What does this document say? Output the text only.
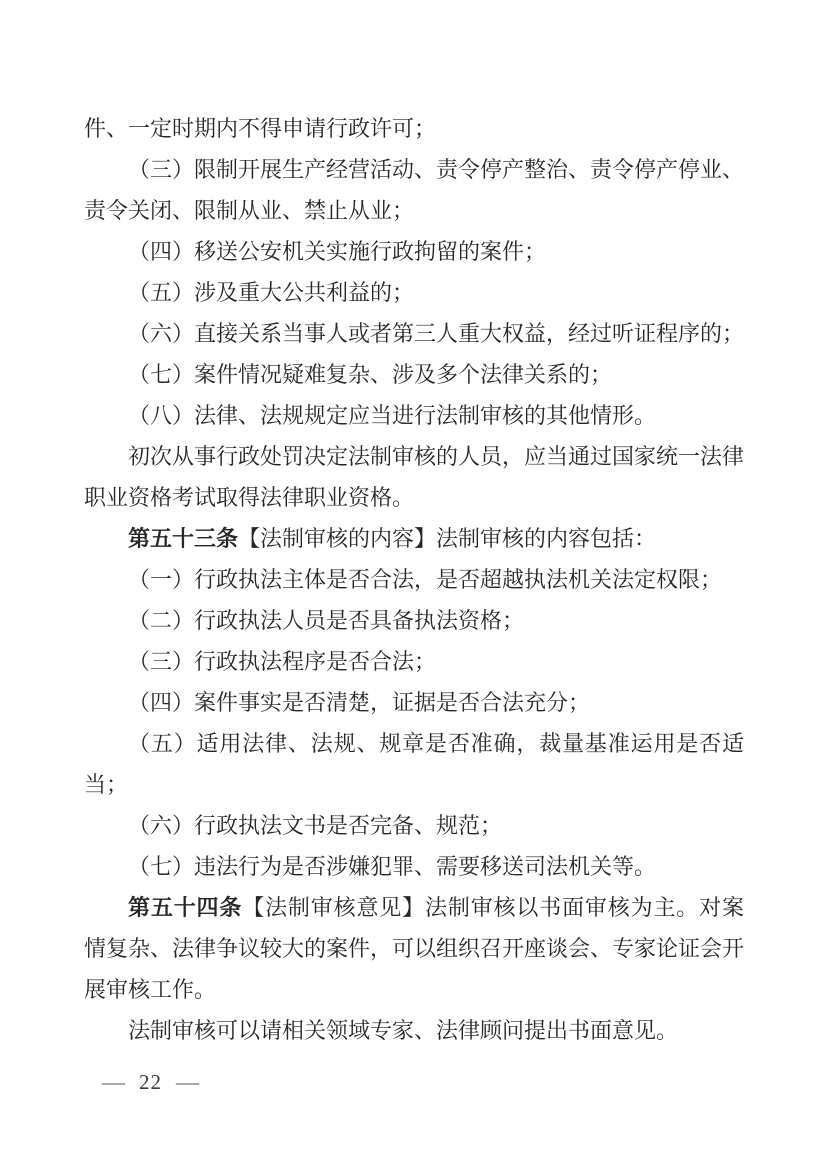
件、一定时期内不得申请行政许可；

（三）限制开展生产经营活动、责令停产整治、责令停产停业、责令关闭、限制从业、禁止从业；

（四）移送公安机关实施行政拘留的案件；

（五）涉及重大公共利益的；

（六）直接关系当事人或者第三人重大权益，经过听证程序的；

（七）案件情况疑难复杂、涉及多个法律关系的；

（八）法律、法规规定应当进行法制审核的其他情形。

初次从事行政处罚决定法制审核的人员，应当通过国家统一法律职业资格考试取得法律职业资格。

第五十三条【法制审核的内容】法制审核的内容包括：

（一）行政执法主体是否合法，是否超越执法机关法定权限；

（二）行政执法人员是否具备执法资格；

（三）行政执法程序是否合法；

（四）案件事实是否清楚，证据是否合法充分；

（五）适用法律、法规、规章是否准确，裁量基准运用是否适当；

（六）行政执法文书是否完备、规范；

（七）违法行为是否涉嫌犯罪、需要移送司法机关等。

第五十四条【法制审核意见】法制审核以书面审核为主。对案情复杂、法律争议较大的案件，可以组织召开座谈会、专家论证会开展审核工作。

法制审核可以请相关领域专家、法律顾问提出书面意见。

— 22 —
